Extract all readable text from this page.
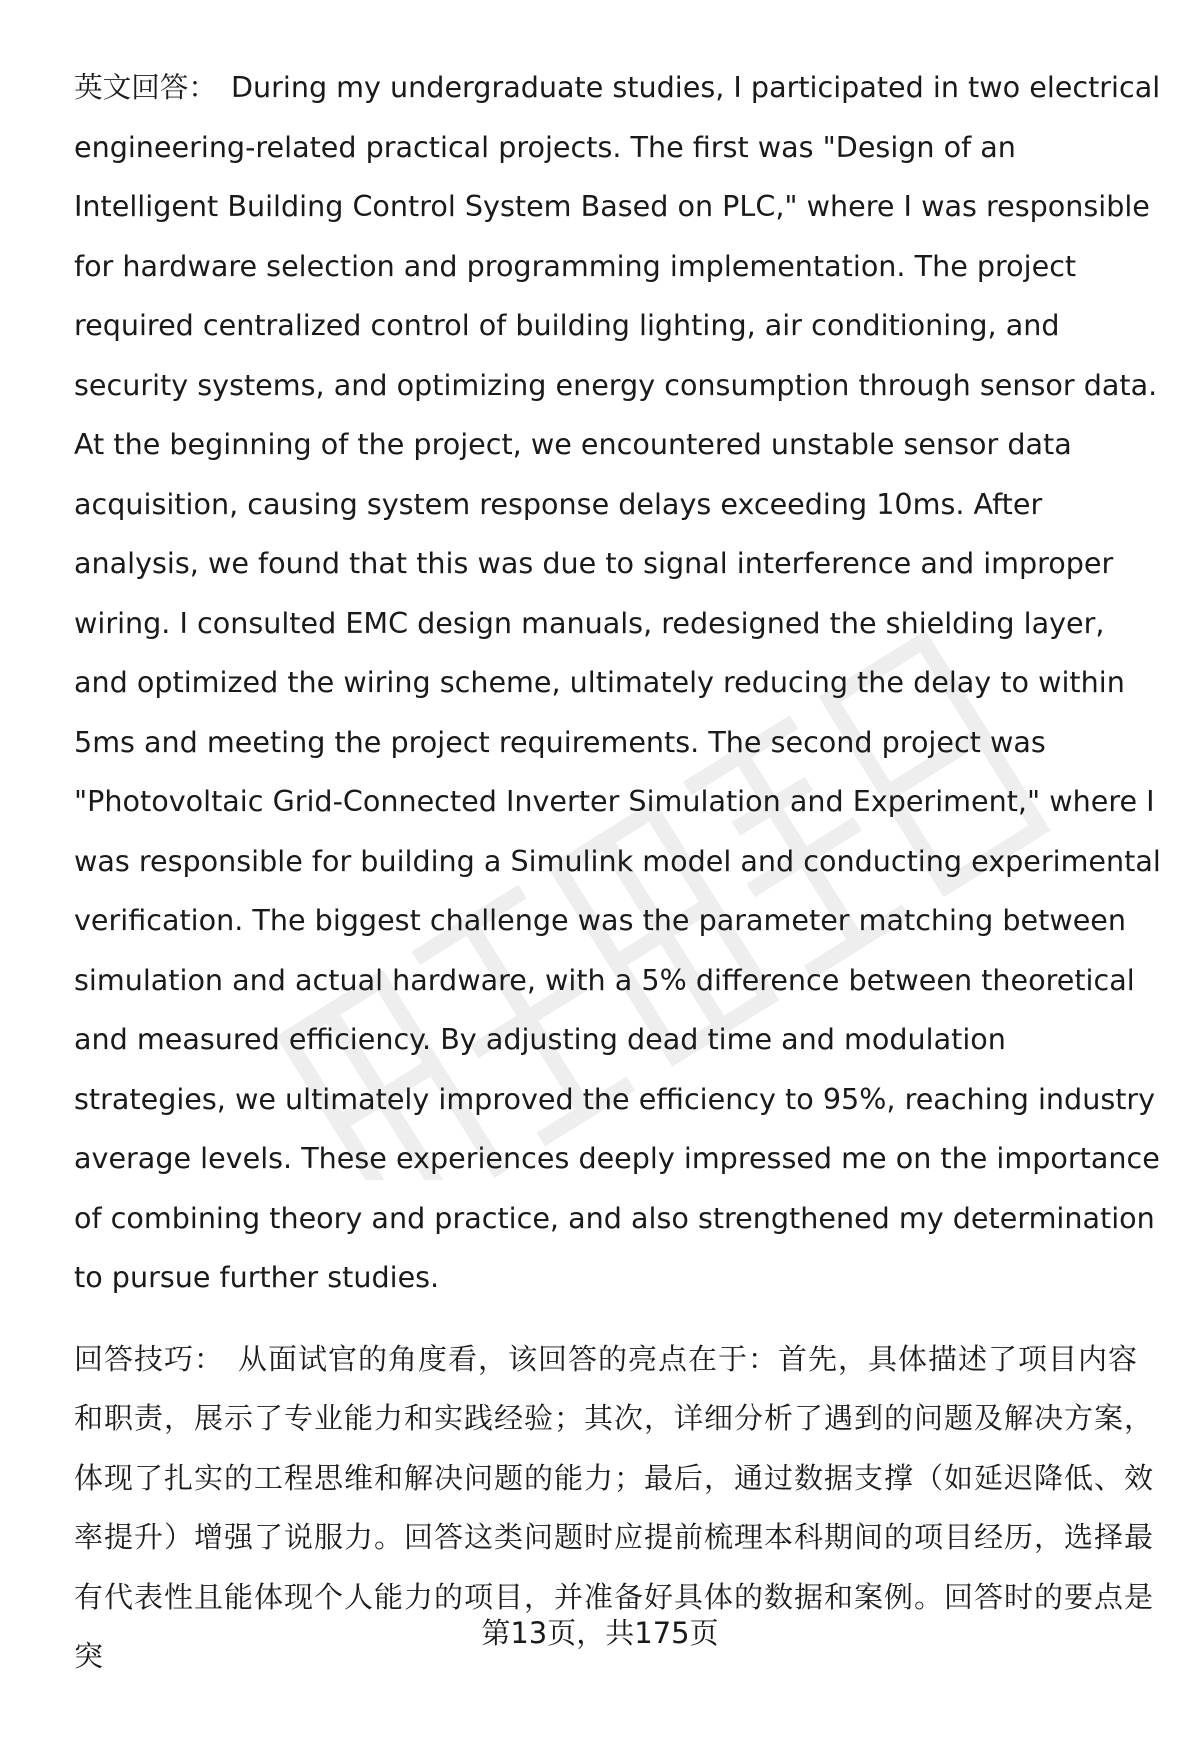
英文回答： During my undergraduate studies, I participated in two electrical engineering-related practical projects. The first was "Design of an Intelligent Building Control System Based on PLC," where I was responsible for hardware selection and programming implementation. The project required centralized control of building lighting, air conditioning, and security systems, and optimizing energy consumption through sensor data. At the beginning of the project, we encountered unstable sensor data acquisition, causing system response delays exceeding 10ms. After analysis, we found that this was due to signal interference and improper wiring. I consulted EMC design manuals, redesigned the shielding layer, and optimized the wiring scheme, ultimately reducing the delay to within 5ms and meeting the project requirements. The second project was "Photovoltaic Grid-Connected Inverter Simulation and Experiment," where I was responsible for building a Simulink model and conducting experimental verification. The biggest challenge was the parameter matching between simulation and actual hardware, with a 5% difference between theoretical and measured efficiency. By adjusting dead time and modulation strategies, we ultimately improved the efficiency to 95%, reaching industry average levels. These experiences deeply impressed me on the importance of combining theory and practice, and also strengthened my determination to pursue further studies.

回答技巧： 从面试官的角度看，该回答的亮点在于：首先，具体描述了项目内容和职责，展示了专业能力和实践经验；其次，详细分析了遇到的问题及解决方案，体现了扎实的工程思维和解决问题的能力；最后，通过数据支撑（如延迟降低、效率提升）增强了说服力。回答这类问题时应提前梳理本科期间的项目经历，选择最有代表性且能体现个人能力的项目，并准备好具体的数据和案例。回答时的要点是突

第13页，共175页
